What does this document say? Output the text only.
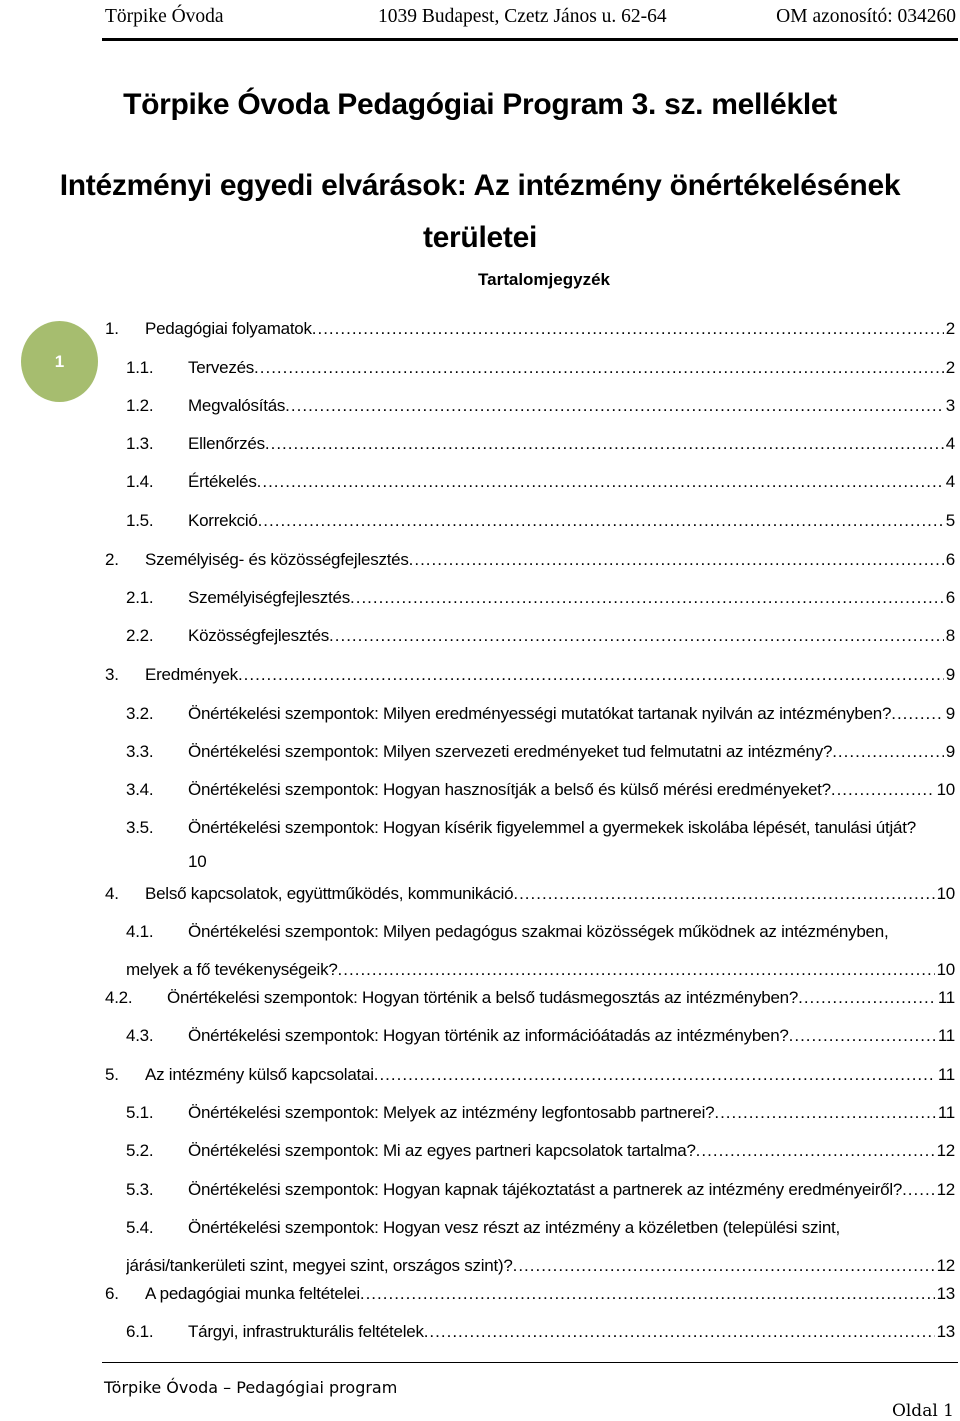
Törpike Óvoda	1039 Budapest, Czetz János u. 62-64	OM azonosító: 034260
Törpike Óvoda Pedagógiai Program 3. sz. melléklet
Intézményi egyedi elvárások: Az intézmény önértékelésének
területei
Tartalomjegyzék
1
1.	Pedagógiai folyamatok .....	2
1.1.	Tervezés .....	2
1.2.	Megvalósítás .....	3
1.3.	Ellenőrzés .....	4
1.4.	Értékelés .....	4
1.5.	Korrekció .....	5
2.	Személyiség- és közösségfejlesztés .....	6
2.1.	Személyiségfejlesztés .....	6
2.2.	Közösségfejlesztés .....	8
3.	Eredmények .....	9
3.2.	Önértékelési szempontok: Milyen eredményességi mutatókat tartanak nyilván az intézményben? .....	9
3.3.	Önértékelési szempontok: Milyen szervezeti eredményeket tud felmutatni az intézmény? .....	9
3.4.	Önértékelési szempontok: Hogyan hasznosítják a belső és külső mérési eredményeket? .....	10
3.5.	Önértékelési szempontok: Hogyan kísérik figyelemmel a gyermekek iskolába lépését, tanulási útját?
10
4.	Belső kapcsolatok, együttműködés, kommunikáció .....	10
4.1.	Önértékelési szempontok: Milyen pedagógus szakmai közösségek működnek az intézményben,
melyek a fő tevékenységeik? .....	10
4.2.	Önértékelési szempontok: Hogyan történik a belső tudásmegosztás az intézményben? .....	11
4.3.	Önértékelési szempontok: Hogyan történik az információátadás az intézményben? .....	11
5.	Az intézmény külső kapcsolatai .....	11
5.1.	Önértékelési szempontok: Melyek az intézmény legfontosabb partnerei? .....	11
5.2.	Önértékelési szempontok: Mi az egyes partneri kapcsolatok tartalma? .....	12
5.3.	Önértékelési szempontok: Hogyan kapnak tájékoztatást a partnerek az intézmény eredményeiről? ..... 12
5.4.	Önértékelési szempontok: Hogyan vesz részt az intézmény a közéletben (települési szint,
járási/tankerületi szint, megyei szint, országos szint)? .....	12
6.	A pedagógiai munka feltételei .....	13
6.1.	Tárgyi, infrastrukturális feltételek .....	13
Törpike Óvoda – Pedagógiai program
Oldal 1
